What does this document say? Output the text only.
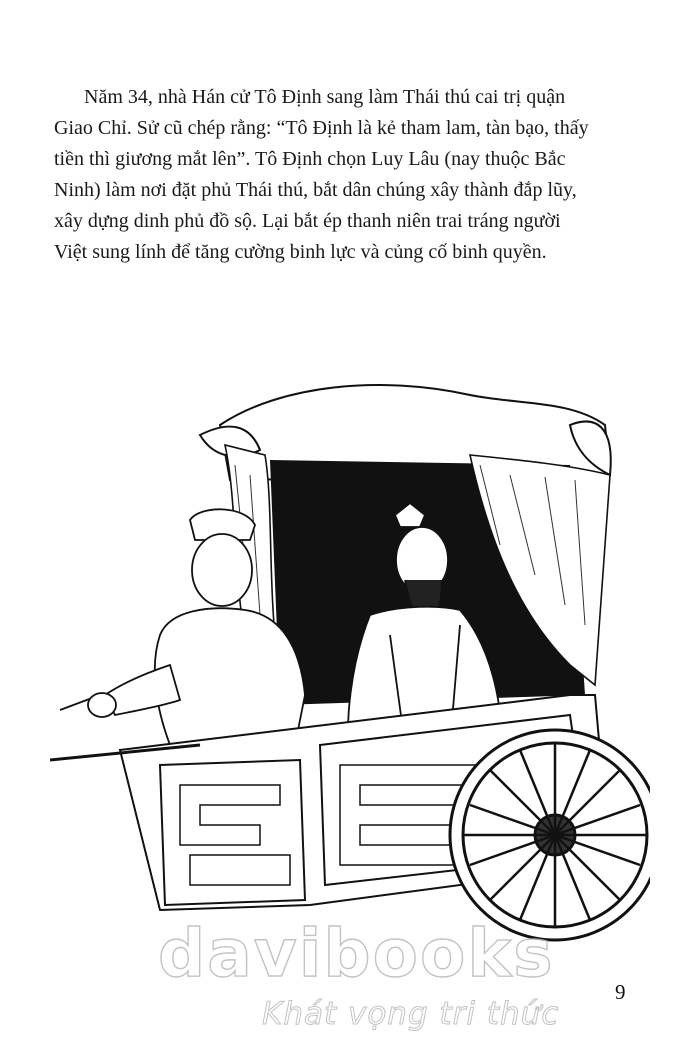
Năm 34, nhà Hán cử Tô Định sang làm Thái thú cai trị quận
Giao Chỉ. Sử cũ chép rằng: “Tô Định là kẻ tham lam, tàn bạo, thấy
tiền thì giương mắt lên”. Tô Định chọn Luy Lâu (nay thuộc Bắc
Ninh) làm nơi đặt phủ Thái thú, bắt dân chúng xây thành đắp lũy,
xây dựng dinh phủ đồ sộ. Lại bắt ép thanh niên trai tráng người
Việt sung lính để tăng cường binh lực và củng cố binh quyền.

9
davibooks
Khát vọng tri thức
